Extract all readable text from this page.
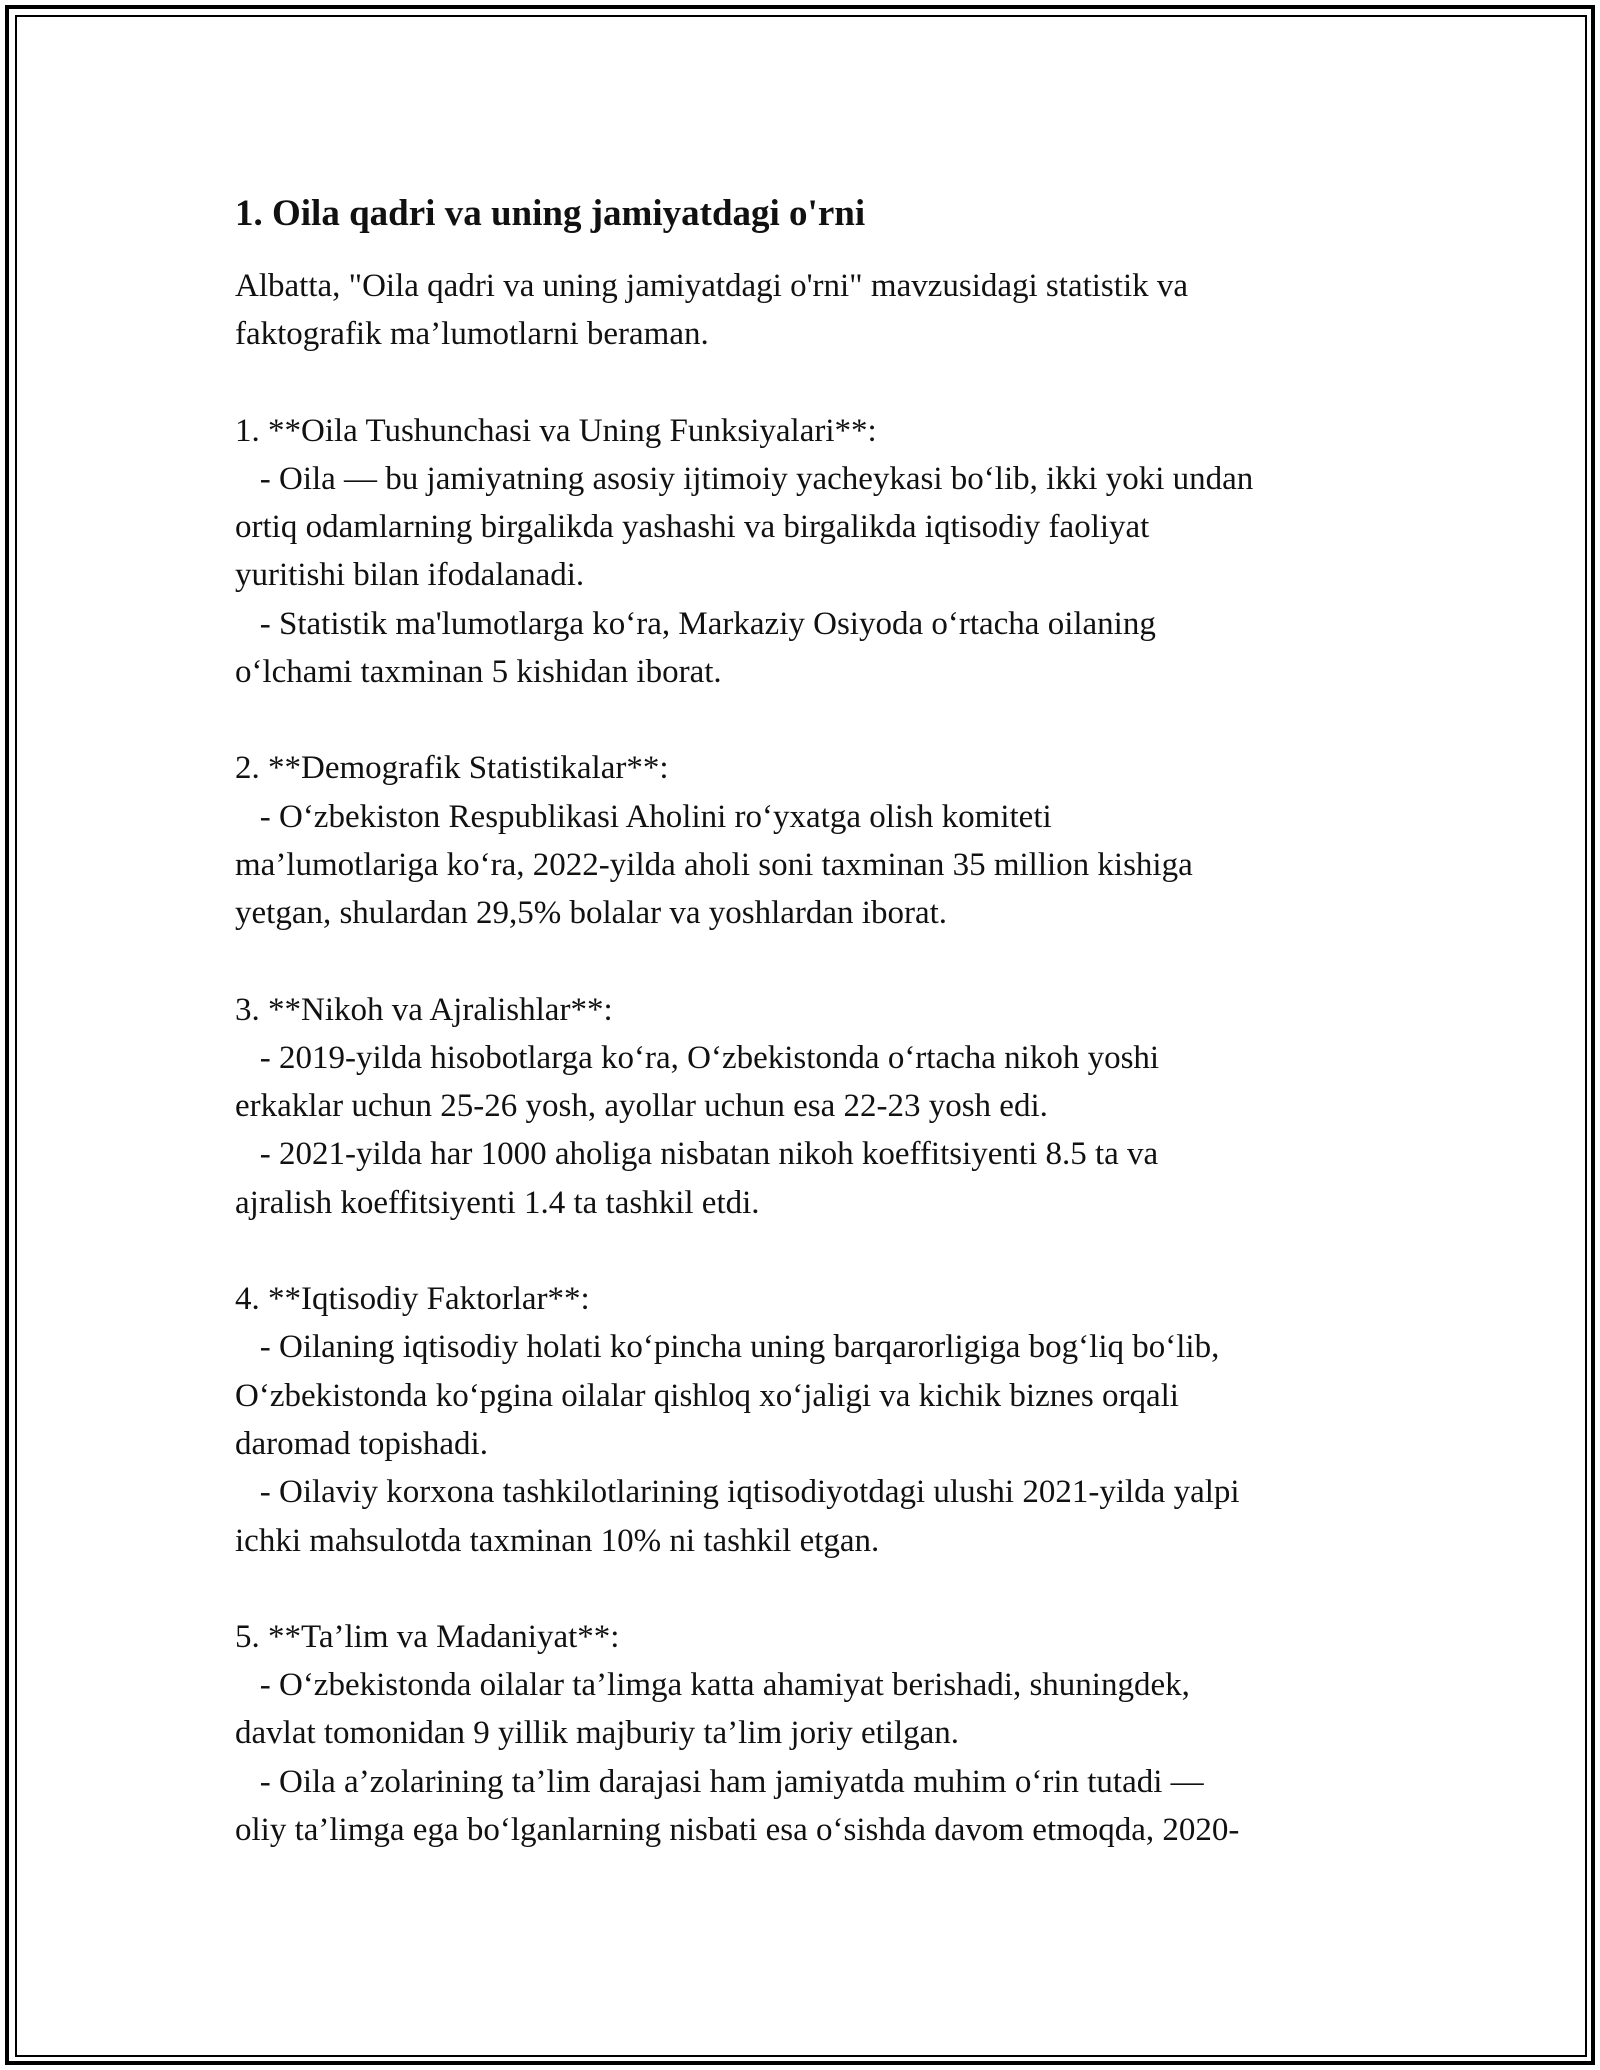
1. Oila qadri va uning jamiyatdagi o'rni

Albatta, "Oila qadri va uning jamiyatdagi o'rni" mavzusidagi statistik va

faktografik ma’lumotlarni beraman.

1. **Oila Tushunchasi va Uning Funksiyalari**:

- Oila — bu jamiyatning asosiy ijtimoiy yacheykasi bo‘lib, ikki yoki undan

ortiq odamlarning birgalikda yashashi va birgalikda iqtisodiy faoliyat

yuritishi bilan ifodalanadi.

- Statistik ma'lumotlarga ko‘ra, Markaziy Osiyoda o‘rtacha oilaning

o‘lchami taxminan 5 kishidan iborat.

2. **Demografik Statistikalar**:

- O‘zbekiston Respublikasi Aholini ro‘yxatga olish komiteti

ma’lumotlariga ko‘ra, 2022-yilda aholi soni taxminan 35 million kishiga

yetgan, shulardan 29,5% bolalar va yoshlardan iborat.

3. **Nikoh va Ajralishlar**:

- 2019-yilda hisobotlarga ko‘ra, O‘zbekistonda o‘rtacha nikoh yoshi

erkaklar uchun 25-26 yosh, ayollar uchun esa 22-23 yosh edi.

- 2021-yilda har 1000 aholiga nisbatan nikoh koeffitsiyenti 8.5 ta va

ajralish koeffitsiyenti 1.4 ta tashkil etdi.

4. **Iqtisodiy Faktorlar**:

- Oilaning iqtisodiy holati ko‘pincha uning barqarorligiga bog‘liq bo‘lib,

O‘zbekistonda ko‘pgina oilalar qishloq xo‘jaligi va kichik biznes orqali

daromad topishadi.

- Oilaviy korxona tashkilotlarining iqtisodiyotdagi ulushi 2021-yilda yalpi

ichki mahsulotda taxminan 10% ni tashkil etgan.

5. **Ta’lim va Madaniyat**:

- O‘zbekistonda oilalar ta’limga katta ahamiyat berishadi, shuningdek,

davlat tomonidan 9 yillik majburiy ta’lim joriy etilgan.

- Oila a’zolarining ta’lim darajasi ham jamiyatda muhim o‘rin tutadi —

oliy ta’limga ega bo‘lganlarning nisbati esa o‘sishda davom etmoqda, 2020-
